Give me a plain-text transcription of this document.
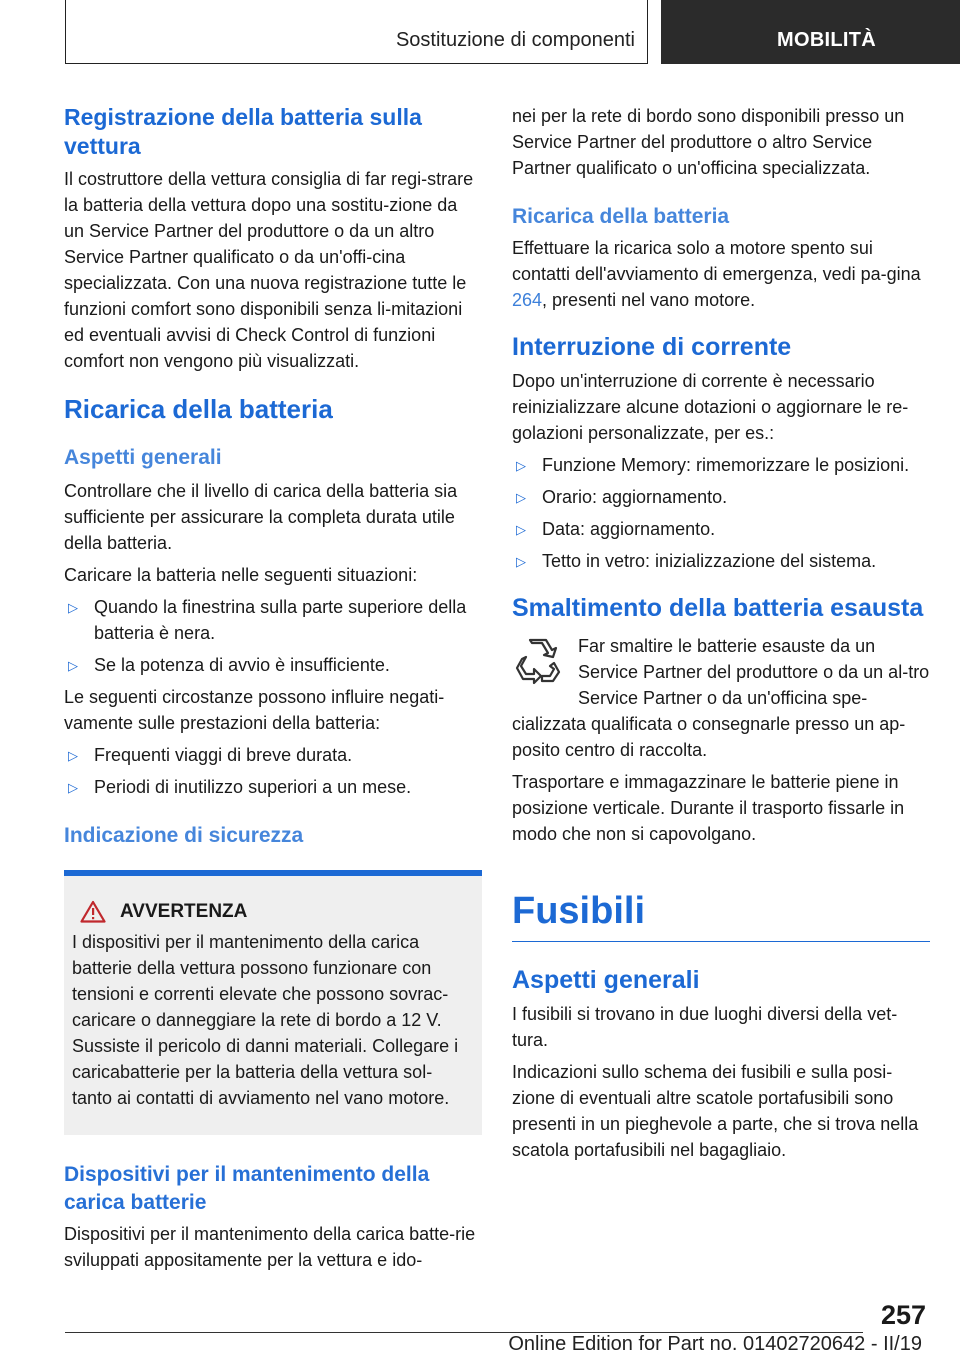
Sostituzione di componenti	MOBILITÀ
Registrazione della batteria sulla vettura

Il costruttore della vettura consiglia di far regi-strare la batteria della vettura dopo una sostitu-zione da un Service Partner del produttore o da un altro Service Partner qualificato o da un'offi-cina specializzata. Con una nuova registrazione tutte le funzioni comfort sono disponibili senza li-mitazioni ed eventuali avvisi di Check Control di funzioni comfort non vengono più visualizzati.

Ricarica della batteria
Aspetti generali

Controllare che il livello di carica della batteria sia sufficiente per assicurare la completa durata utile della batteria.

Caricare la batteria nelle seguenti situazioni:

▷ Quando la finestrina sulla parte superiore della batteria è nera.
▷ Se la potenza di avvio è insufficiente.

Le seguenti circostanze possono influire negati-vamente sulle prestazioni della batteria:

▷ Frequenti viaggi di breve durata.
▷ Periodi di inutilizzo superiori a un mese.
Indicazione di sicurezza
AVVERTENZA

I dispositivi per il mantenimento della carica batterie della vettura possono funzionare con tensioni e correnti elevate che possono sovrac-caricare o danneggiare la rete di bordo a 12 V. Sussiste il pericolo di danni materiali. Collegare i caricabatterie per la batteria della vettura sol-tanto ai contatti di avviamento nel vano motore.

Dispositivi per il mantenimento della carica batterie

Dispositivi per il mantenimento della carica batte-rie sviluppati appositamente per la vettura e ido-

nei per la rete di bordo sono disponibili presso un Service Partner del produttore o altro Service Partner qualificato o un'officina specializzata.

Ricarica della batteria

Effettuare la ricarica solo a motore spento sui contatti dell'avviamento di emergenza, vedi pa-gina 264, presenti nel vano motore.

Interruzione di corrente

Dopo un'interruzione di corrente è necessario reinizializzare alcune dotazioni o aggiornare le re-golazioni personalizzate, per es.:

▷ Funzione Memory: rimemorizzare le posizioni.
▷ Orario: aggiornamento.
▷ Data: aggiornamento.
▷ Tetto in vetro: inizializzazione del sistema.
Smaltimento della batteria esausta

Far smaltire le batterie esauste da un Service Partner del produttore o da un al-tro Service Partner o da un'officina spe-

cializzata qualificata o consegnarle presso un ap-posito centro di raccolta.

Trasportare e immagazzinare le batterie piene in posizione verticale. Durante il trasporto fissarle in modo che non si capovolgano.

Fusibili
Aspetti generali

I fusibili si trovano in due luoghi diversi della vet-tura.

Indicazioni sullo schema dei fusibili e sulla posi-zione di eventuali altre scatole portafusibili sono presenti in un pieghevole a parte, che si trova nella scatola portafusibili nel bagagliaio.

257
Online Edition for Part no. 01402720642 - II/19
